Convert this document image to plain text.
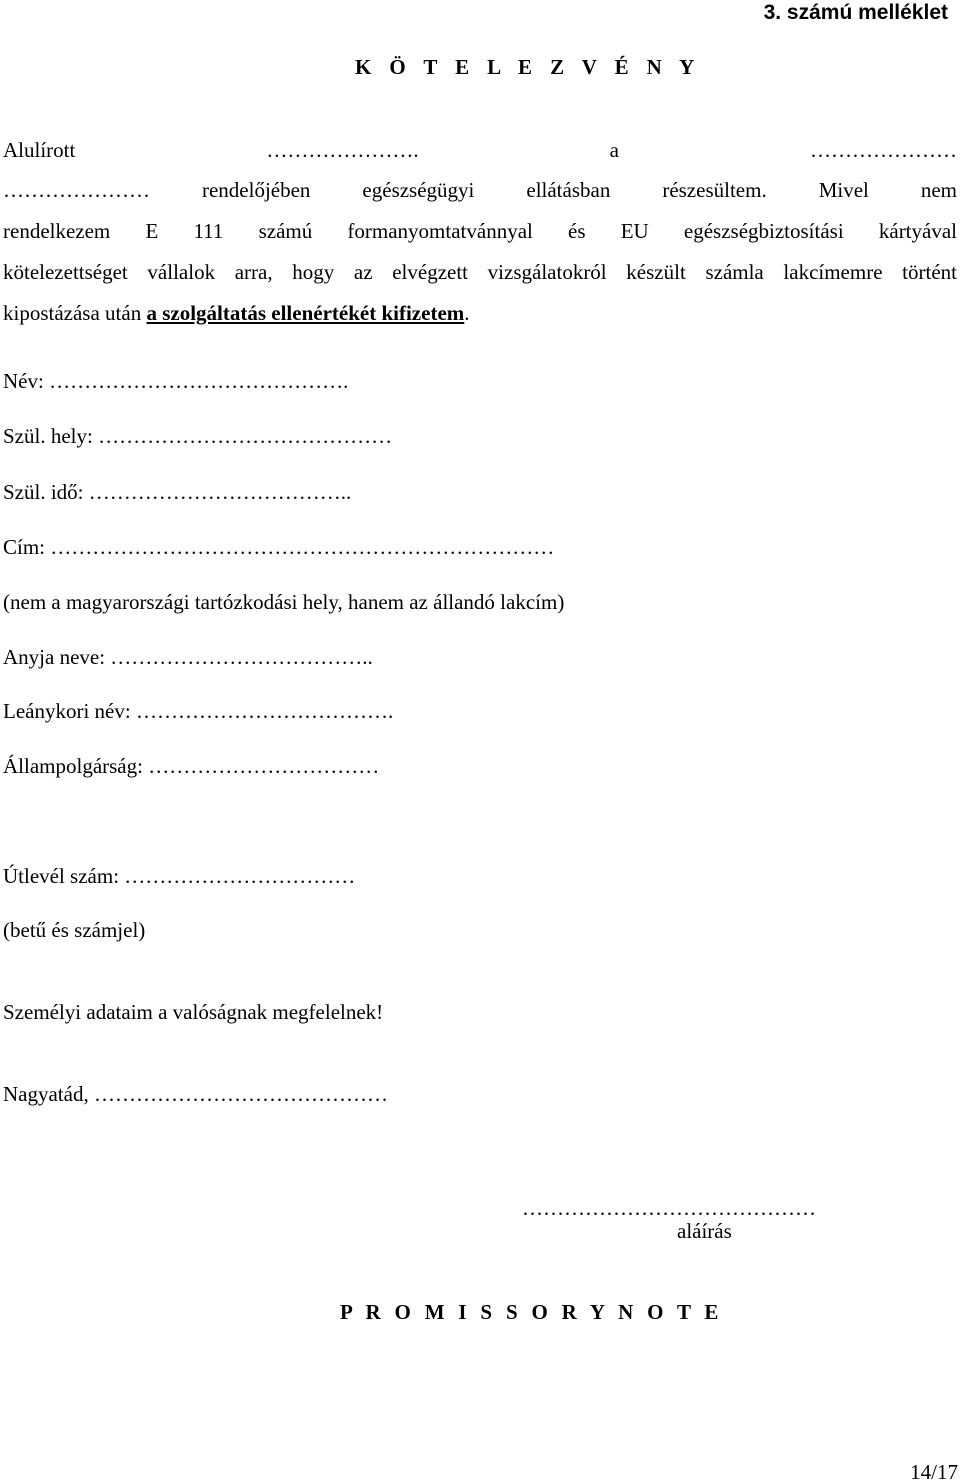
3. számú melléklet
K Ö T E L E Z V É N Y
Alulírott …………………. a …………………
………………… rendelőjében egészségügyi ellátásban részesültem. Mivel nem
rendelkezem E 111 számú formanyomtatvánnyal és EU egészségbiztosítási kártyával
kötelezettséget vállalok arra, hogy az elvégzett vizsgálatokról készült számla lakcímemre történt
kipostázása után a szolgáltatás ellenértékét kifizetem.
Név: …………………………………….
Szül. hely: ……………………………………
Szül. idő: ………………………………..
Cím: ………………………………………………………………
(nem a magyarországi tartózkodási hely, hanem az állandó lakcím)
Anyja neve: ………………………………..
Leánykori név: ……………………………….
Állampolgárság: ……………………………
Útlevél szám: ……………………………
(betű és számjel)
Személyi adataim a valóságnak megfelelnek!
Nagyatád, ……………………………………
……………………………………
aláírás
P R O M I S S O R Y N O T E
14/17
